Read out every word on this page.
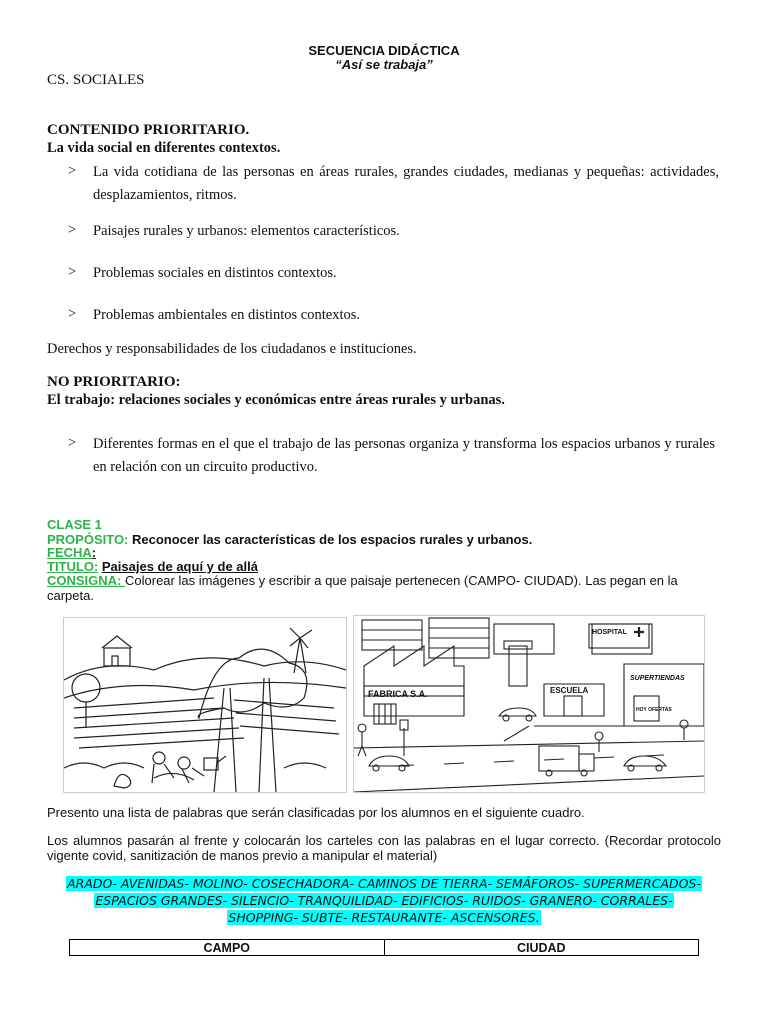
SECUENCIA DIDÁCTICA
“Así se trabaja”
CS. SOCIALES
CONTENIDO PRIORITARIO.
La vida social en diferentes contextos.
> La vida cotidiana de las personas en áreas rurales, grandes ciudades, medianas y pequeñas: actividades, desplazamientos, ritmos.
> Paisajes rurales y urbanos: elementos característicos.
> Problemas sociales en distintos contextos.
> Problemas ambientales en distintos contextos.
Derechos y responsabilidades de los ciudadanos e instituciones.
NO PRIORITARIO:
El trabajo: relaciones sociales y económicas entre áreas rurales y urbanas.
> Diferentes formas en el que el trabajo de las personas organiza y transforma los espacios urbanos y rurales en relación con un circuito productivo.
CLASE 1
PROPÓSITO: Reconocer las características de los espacios rurales y urbanos.
FECHA:
TITULO: Paisajes de aquí y de allá
CONSIGNA: Colorear las imágenes y escribir a que paisaje pertenecen (CAMPO- CIUDAD). Las pegan en la carpeta.
FABRICA S.A.	ESCUELA
HOSPITAL
SUPERTIENDAS
HOY OFERTAS
Presento una lista de palabras que serán clasificadas por los alumnos en el siguiente cuadro.
Los alumnos pasarán al frente y colocarán los carteles con las palabras en el lugar correcto. (Recordar protocolo vigente covid, sanitización de manos previo a manipular el material)
ARADO- AVENIDAS- MOLINO- COSECHADORA- CAMINOS DE TIERRA- SEMÁFOROS- SUPERMERCADOS-
ESPACIOS GRANDES- SILENCIO- TRANQUILIDAD- EDIFICIOS- RUIDOS- GRANERO- CORRALES-
SHOPPING- SUBTE- RESTAURANTE- ASCENSORES.
CAMPO	CIUDAD
